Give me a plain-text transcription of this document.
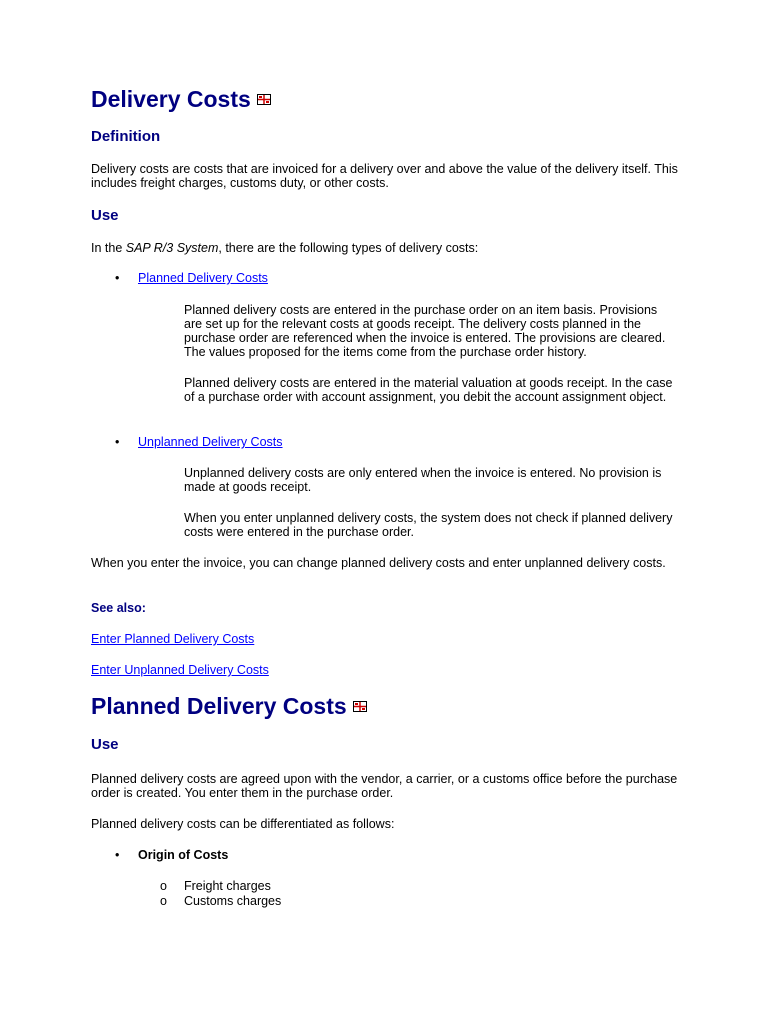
Delivery Costs
Definition

Delivery costs are costs that are invoiced for a delivery over and above the value of the delivery itself. This includes freight charges, customs duty, or other costs.

Use

In the SAP R/3 System, there are the following types of delivery costs:

• Planned Delivery Costs

Planned delivery costs are entered in the purchase order on an item basis. Provisions are set up for the relevant costs at goods receipt. The delivery costs planned in the purchase order are referenced when the invoice is entered. The provisions are cleared. The values proposed for the items come from the purchase order history.

Planned delivery costs are entered in the material valuation at goods receipt. In the case of a purchase order with account assignment, you debit the account assignment object.

• Unplanned Delivery Costs

Unplanned delivery costs are only entered when the invoice is entered. No provision is made at goods receipt.

When you enter unplanned delivery costs, the system does not check if planned delivery costs were entered in the purchase order.

When you enter the invoice, you can change planned delivery costs and enter unplanned delivery costs.

See also:

Enter Planned Delivery Costs

Enter Unplanned Delivery Costs

Planned Delivery Costs
Use

Planned delivery costs are agreed upon with the vendor, a carrier, or a customs office before the purchase order is created. You enter them in the purchase order.

Planned delivery costs can be differentiated as follows:

• Origin of Costs

o Freight charges

o Customs charges
